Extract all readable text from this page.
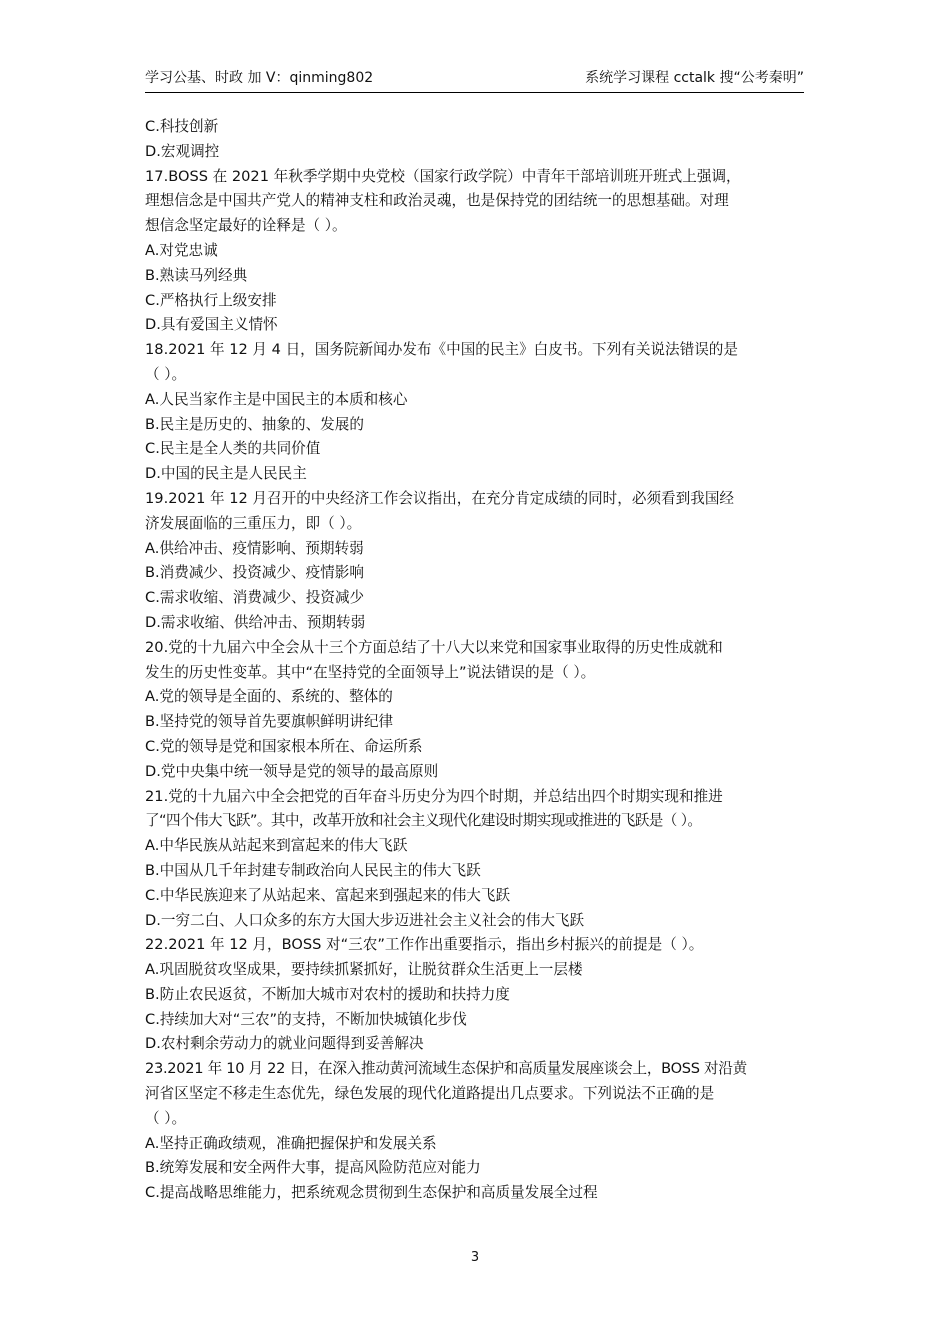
学习公基、时政 加 V：qinming802	系统学习课程 cctalk 搜“公考秦明”
C.科技创新
D.宏观调控
17.BOSS 在 2021 年秋季学期中央党校（国家行政学院）中青年干部培训班开班式上强调，
理想信念是中国共产党人的精神支柱和政治灵魂，也是保持党的团结统一的思想基础。对理
想信念坚定最好的诠释是（ ）。
A.对党忠诚
B.熟读马列经典
C.严格执行上级安排
D.具有爱国主义情怀
18.2021 年 12 月 4 日，国务院新闻办发布《中国的民主》白皮书。下列有关说法错误的是
（ ）。
A.人民当家作主是中国民主的本质和核心
B.民主是历史的、抽象的、发展的
C.民主是全人类的共同价值
D.中国的民主是人民民主
19.2021 年 12 月召开的中央经济工作会议指出，在充分肯定成绩的同时，必须看到我国经
济发展面临的三重压力，即（ ）。
A.供给冲击、疫情影响、预期转弱
B.消费减少、投资减少、疫情影响
C.需求收缩、消费减少、投资减少
D.需求收缩、供给冲击、预期转弱
20.党的十九届六中全会从十三个方面总结了十八大以来党和国家事业取得的历史性成就和
发生的历史性变革。其中“在坚持党的全面领导上”说法错误的是（ ）。
A.党的领导是全面的、系统的、整体的
B.坚持党的领导首先要旗帜鲜明讲纪律
C.党的领导是党和国家根本所在、命运所系
D.党中央集中统一领导是党的领导的最高原则
21.党的十九届六中全会把党的百年奋斗历史分为四个时期，并总结出四个时期实现和推进
了“四个伟大飞跃”。其中，改革开放和社会主义现代化建设时期实现或推进的飞跃是（ ）。
A.中华民族从站起来到富起来的伟大飞跃
B.中国从几千年封建专制政治向人民民主的伟大飞跃
C.中华民族迎来了从站起来、富起来到强起来的伟大飞跃
D.一穷二白、人口众多的东方大国大步迈进社会主义社会的伟大飞跃
22.2021 年 12 月，BOSS 对“三农”工作作出重要指示，指出乡村振兴的前提是（ ）。
A.巩固脱贫攻坚成果，要持续抓紧抓好，让脱贫群众生活更上一层楼
B.防止农民返贫，不断加大城市对农村的援助和扶持力度
C.持续加大对“三农”的支持，不断加快城镇化步伐
D.农村剩余劳动力的就业问题得到妥善解决
23.2021 年 10 月 22 日，在深入推动黄河流域生态保护和高质量发展座谈会上，BOSS 对沿黄
河省区坚定不移走生态优先，绿色发展的现代化道路提出几点要求。下列说法不正确的是
（ ）。
A.坚持正确政绩观，准确把握保护和发展关系
B.统筹发展和安全两件大事，提高风险防范应对能力
C.提高战略思维能力，把系统观念贯彻到生态保护和高质量发展全过程
3
